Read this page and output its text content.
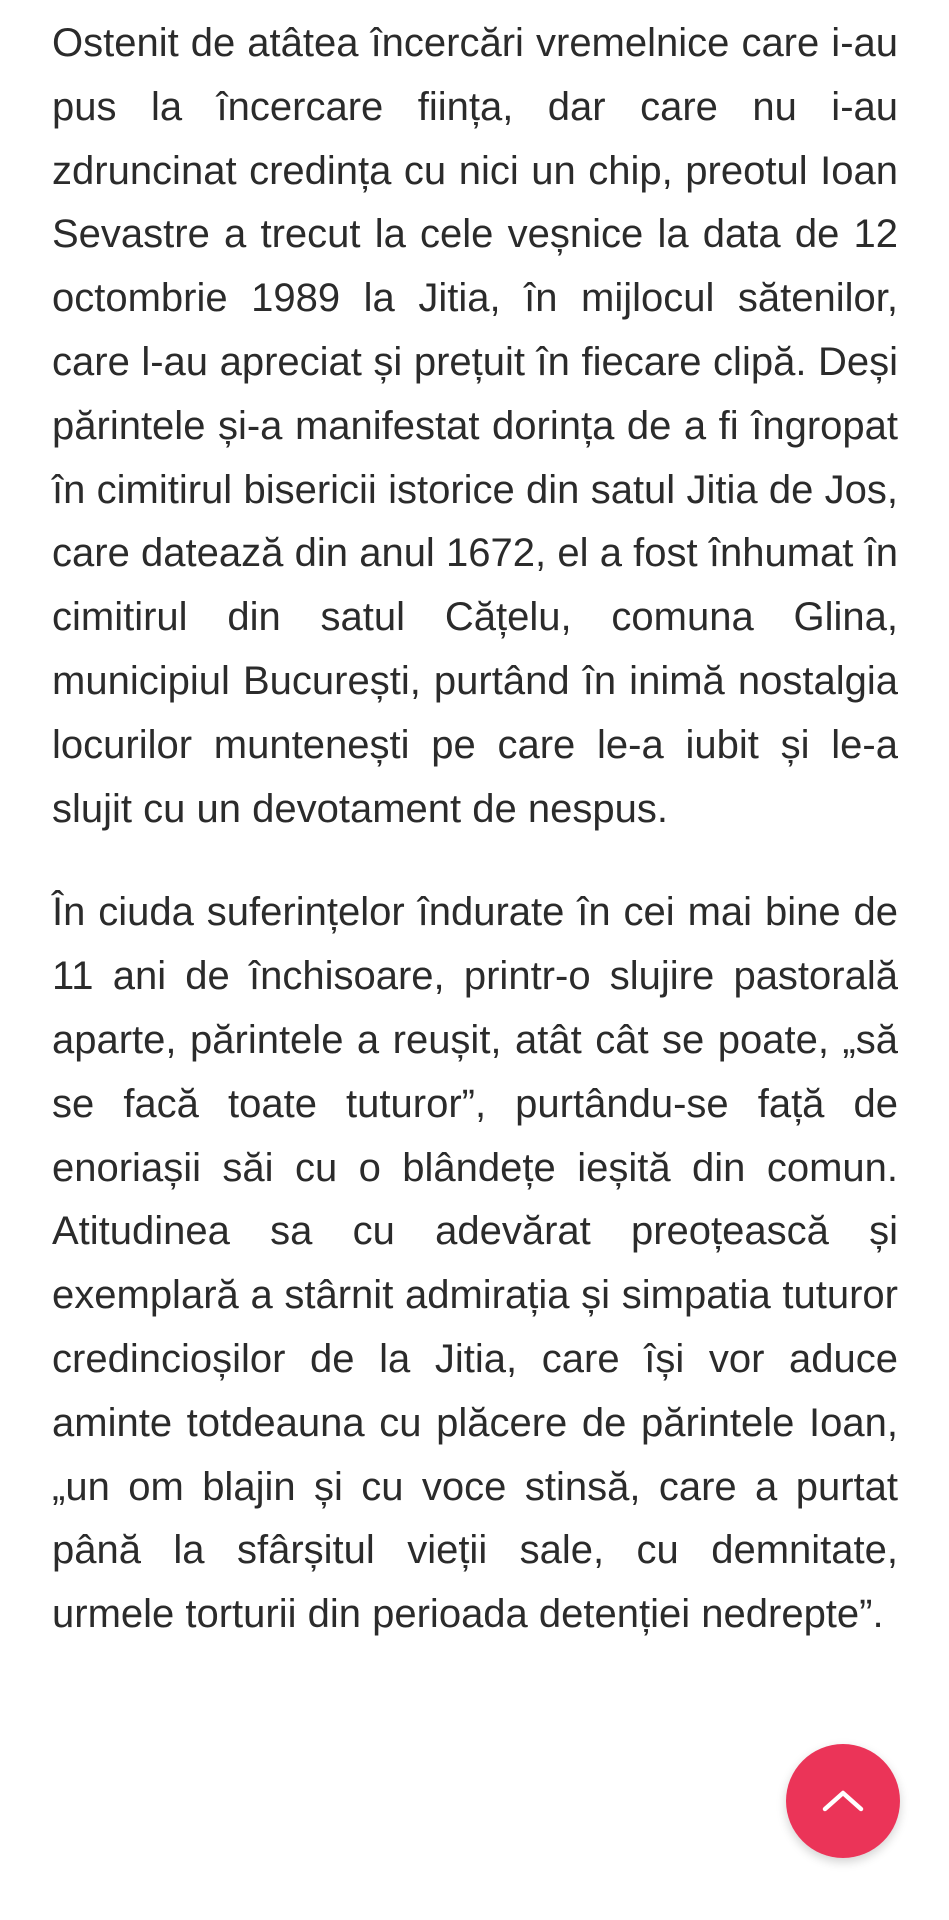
Ostenit de atâtea încercări vremelnice care i-au pus la încercare ființa, dar care nu i-au zdruncinat credința cu nici un chip, preotul Ioan Sevastre a trecut la cele veșnice la data de 12 octombrie 1989 la Jitia, în mijlocul sătenilor, care l-au apreciat și prețuit în fiecare clipă. Deși părintele și-a manifestat dorința de a fi îngropat în cimitirul bisericii istorice din satul Jitia de Jos, care datează din anul 1672, el a fost înhumat în cimitirul din satul Cățelu, comuna Glina, municipiul București, purtând în inimă nostalgia locurilor muntenești pe care le-a iubit și le-a slujit cu un devotament de nespus.

În ciuda suferințelor îndurate în cei mai bine de 11 ani de închisoare, printr-o slujire pastorală aparte, părintele a reușit, atât cât se poate, „să se facă toate tuturor”, purtându-se față de enoriașii săi cu o blândețe ieșită din comun. Atitudinea sa cu adevărat preoțească și exemplară a stârnit admirația și simpatia tuturor credincioșilor de la Jitia, care își vor aduce aminte totdeauna cu plăcere de părintele Ioan, „un om blajin și cu voce stinsă, care a purtat până la sfârșitul vieții sale, cu demnitate, urmele torturii din perioada detenției nedrepte”.
